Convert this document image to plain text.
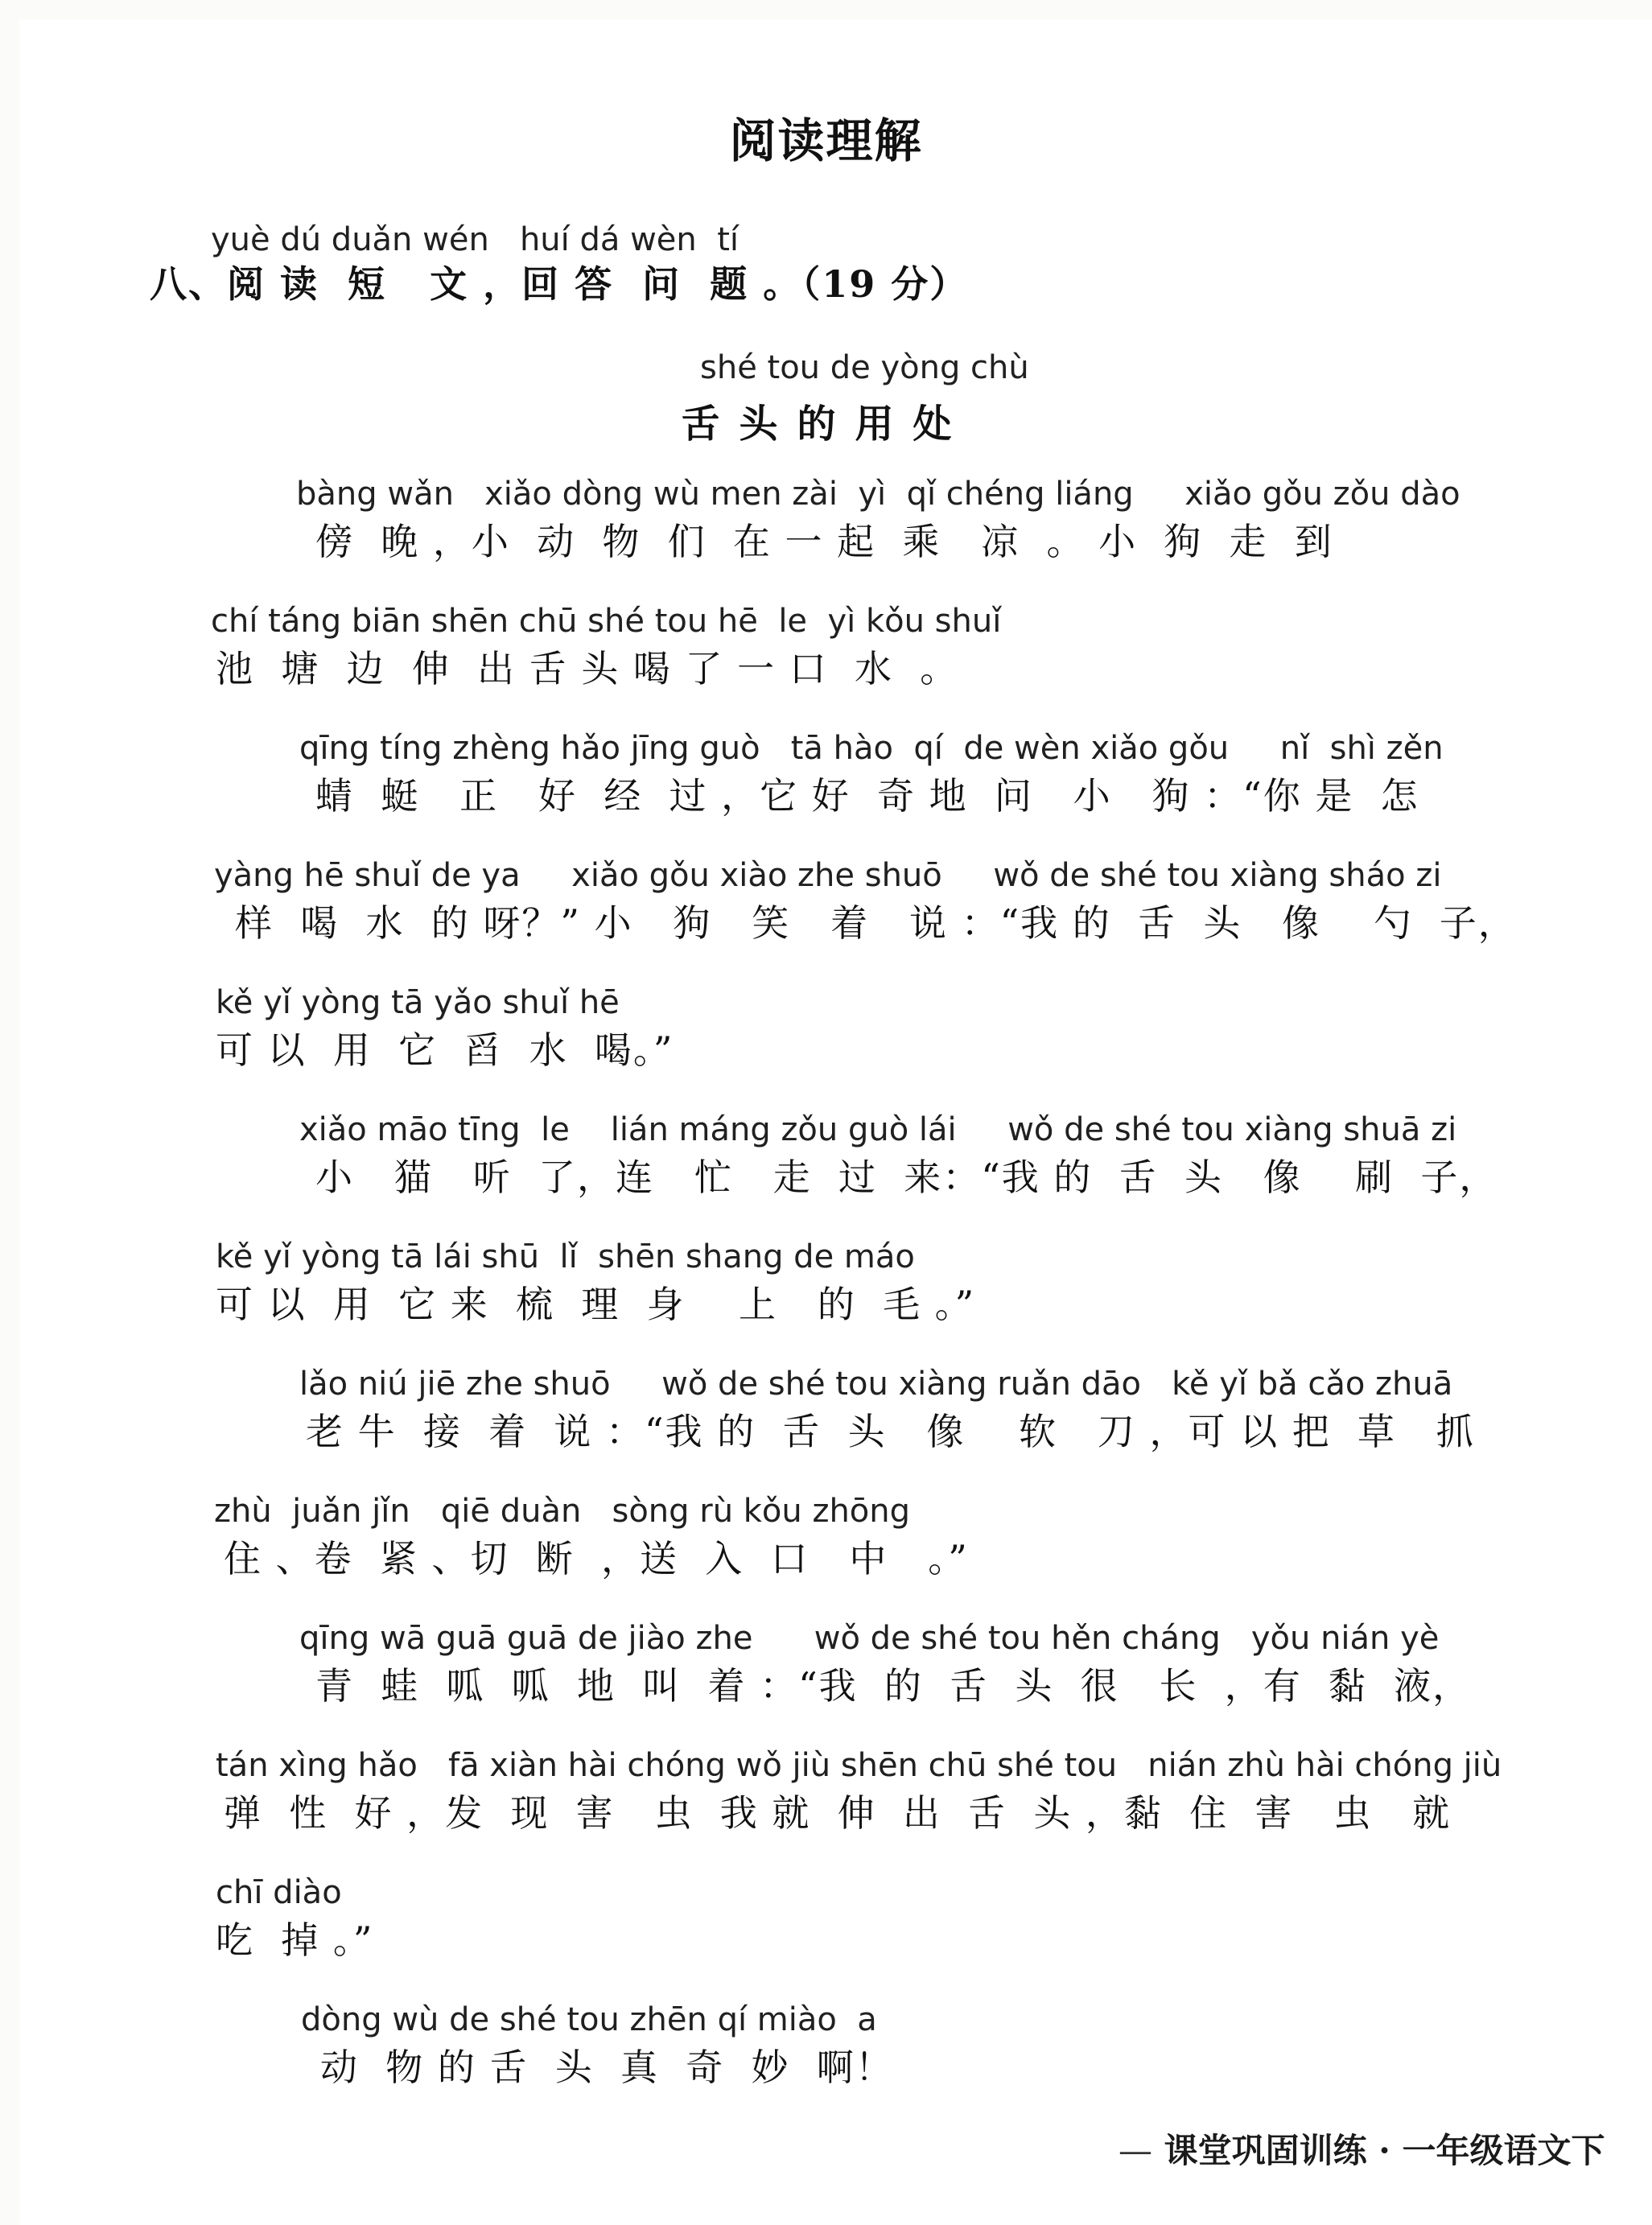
阅读理解
yuè dú duǎn wén   huí dá wèn  tí
八、阅 读  短   文 ，回 答  问  题 。（19 分）
shé tou de yòng chù
舌头的用处
bàng wǎn   xiǎo dòng wù men zài  yì  qǐ chéng liáng     xiǎo gǒu zǒu dào
傍  晚 ，小  动  物  们  在 一 起  乘   凉  。 小  狗  走  到
chí táng biān shēn chū shé tou hē  le  yì kǒu shuǐ
池  塘  边  伸  出 舌 头 喝 了 一 口  水  。
qīng tíng zhèng hǎo jīng guò   tā hào  qí  de wèn xiǎo gǒu     nǐ  shì zěn
蜻  蜓   正   好  经  过 ，它 好  奇 地  问   小   狗 ：“你 是  怎
yàng hē shuǐ de ya     xiǎo gǒu xiào zhe shuō     wǒ de shé tou xiàng sháo zi
样  喝  水  的 呀？” 小   狗   笑   着   说 ：“我 的  舌  头   像    勺  子，
kě yǐ yòng tā yǎo shuǐ hē
可 以  用  它  舀  水  喝。”
xiǎo māo tīng  le    lián máng zǒu guò lái     wǒ de shé tou xiàng shuā zi
小   猫   听  了，连   忙   走  过  来：“我 的  舌  头   像    刷  子，
kě yǐ yòng tā lái shū  lǐ  shēn shang de máo
可 以  用  它 来  梳  理  身    上   的  毛 。”
lǎo niú jiē zhe shuō     wǒ de shé tou xiàng ruǎn dāo   kě yǐ bǎ cǎo zhuā
老 牛  接  着  说 ：“我 的  舌  头   像    软   刀 ，可 以 把  草   抓
zhù  juǎn jǐn   qiē duàn   sòng rù kǒu zhōng
住 、卷  紧 、切  断  ，送  入  口   中   。”
qīng wā guā guā de jiào zhe      wǒ de shé tou hěn cháng   yǒu nián yè
青  蛙  呱  呱  地  叫  着 ：“我  的  舌  头  很   长  ，有  黏  液，
tán xìng hǎo   fā xiàn hài chóng wǒ jiù shēn chū shé tou   nián zhù hài chóng jiù
弹  性  好 ，发  现  害   虫  我 就  伸  出  舌  头 ，黏  住  害   虫   就
chī diào
吃  掉 。”
dòng wù de shé tou zhēn qí miào  a
动  物 的 舌  头  真  奇  妙  啊！
— 课堂巩固训练 · 一年级语文下
